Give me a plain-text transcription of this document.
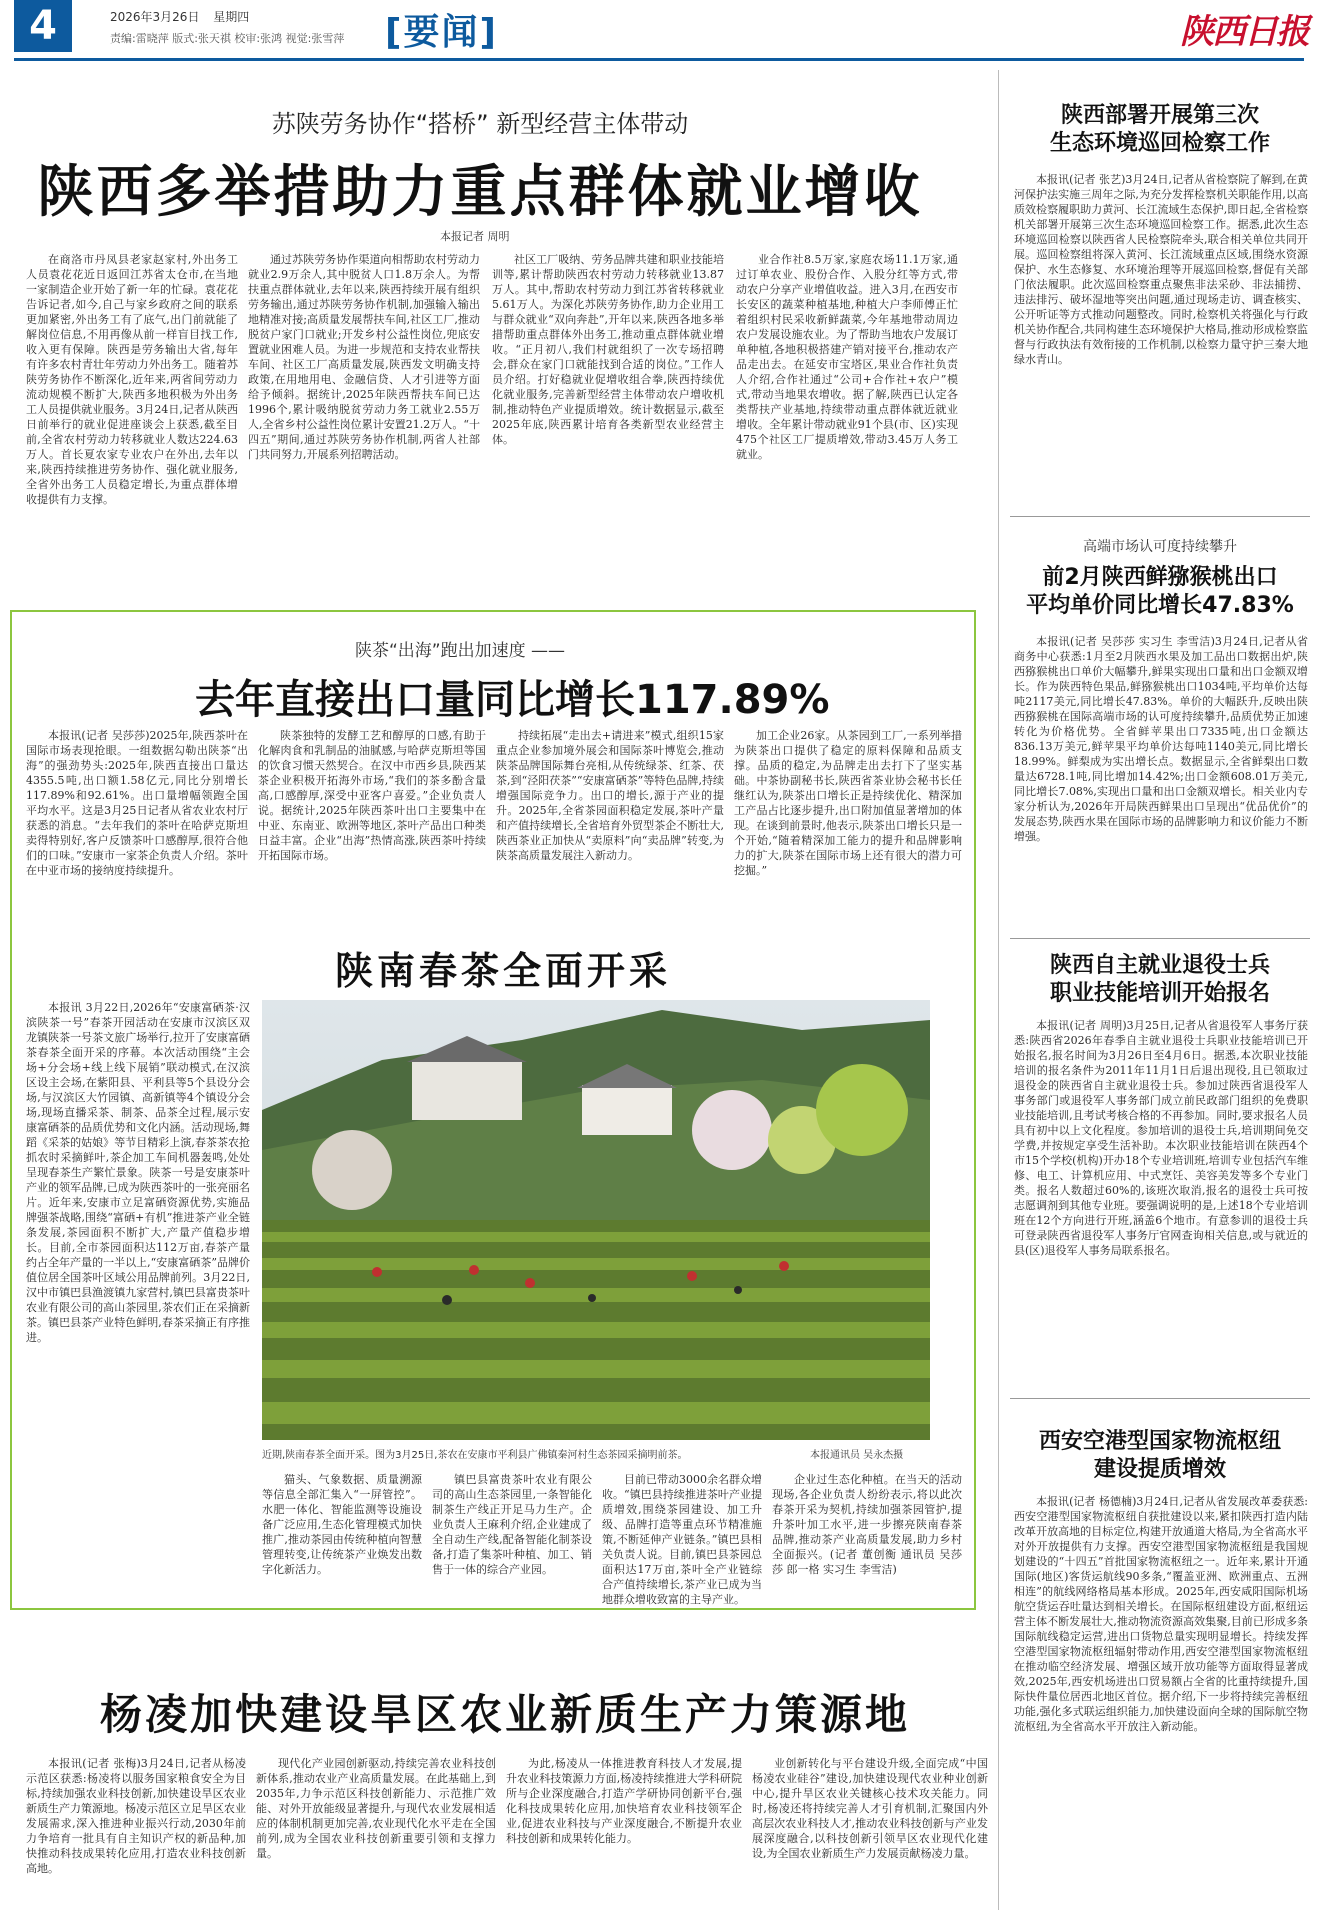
4	2026年3月26日 星期四
责编:雷晓萍 版式:张天祺 校审:张鸿 视觉:张雪萍 [要闻]	陕西日报
苏陕劳务协作“搭桥” 新型经营主体带动
陕西多举措助力重点群体就业增收
本报记者 周明

在商洛市丹凤县老家赵家村,外出务工人员袁花花近日返回江苏省太仓市,在当地一家制造企业开始了新一年的忙碌。袁花花告诉记者,如今,自己与家乡政府之间的联系更加紧密,外出务工有了底气,出门前就能了解岗位信息,不用再像从前一样盲目找工作,收入更有保障。陕西是劳务输出大省,每年有许多农村青壮年劳动力外出务工。随着苏陕劳务协作不断深化,近年来,两省间劳动力流动规模不断扩大,陕西多地积极为外出务工人员提供就业服务。3月24日,记者从陕西日前举行的就业促进座谈会上获悉,截至目前,全省农村劳动力转移就业人数达224.63万人。首长夏农家专业农户在外出,去年以来,陕西持续推进劳务协作、强化就业服务,全省外出务工人员稳定增长,为重点群体增收提供有力支撑。

通过苏陕劳务协作渠道向相帮助农村劳动力就业2.9万余人,其中脱贫人口1.8万余人。为帮扶重点群体就业,去年以来,陕西持续开展有组织劳务输出,通过苏陕劳务协作机制,加强输入输出地精准对接;高质量发展帮扶车间,社区工厂,推动脱贫户家门口就业;开发乡村公益性岗位,兜底安置就业困难人员。为进一步规范和支持农业帮扶车间、社区工厂高质量发展,陕西发文明确支持政策,在用地用电、金融信贷、人才引进等方面给予倾斜。据统计,2025年陕西帮扶车间已达1996个,累计吸纳脱贫劳动力务工就业2.55万人,全省乡村公益性岗位累计安置21.2万人。“十四五”期间,通过苏陕劳务协作机制,两省人社部门共同努力,开展系列招聘活动。

社区工厂吸纳、劳务品牌共建和职业技能培训等,累计帮助陕西农村劳动力转移就业13.87万人。其中,帮助农村劳动力到江苏省转移就业5.61万人。为深化苏陕劳务协作,助力企业用工与群众就业“双向奔赴”,开年以来,陕西各地多举措帮助重点群体外出务工,推动重点群体就业增收。“正月初八,我们村就组织了一次专场招聘会,群众在家门口就能找到合适的岗位。”工作人员介绍。打好稳就业促增收组合拳,陕西持续优化就业服务,完善新型经营主体带动农户增收机制,推动特色产业提质增效。统计数据显示,截至2025年底,陕西累计培育各类新型农业经营主体。

业合作社8.5万家,家庭农场11.1万家,通过订单农业、股份合作、入股分红等方式,带动农户分享产业增值收益。进入3月,在西安市长安区的蔬菜种植基地,种植大户李师傅正忙着组织村民采收新鲜蔬菜,今年基地带动周边农户发展设施农业。为了帮助当地农户发展订单种植,各地积极搭建产销对接平台,推动农产品走出去。在延安市宝塔区,果业合作社负责人介绍,合作社通过“公司+合作社+农户”模式,带动当地果农增收。据了解,陕西已认定各类帮扶产业基地,持续带动重点群体就近就业增收。全年累计带动就业91个县(市、区)实现475个社区工厂提质增效,带动3.45万人务工就业。

陕西部署开展第三次
生态环境巡回检察工作

本报讯(记者 张艺)3月24日,记者从省检察院了解到,在黄河保护法实施三周年之际,为充分发挥检察机关职能作用,以高质效检察履职助力黄河、长江流域生态保护,即日起,全省检察机关部署开展第三次生态环境巡回检察工作。据悉,此次生态环境巡回检察以陕西省人民检察院牵头,联合相关单位共同开展。巡回检察组将深入黄河、长江流域重点区域,围绕水资源保护、水生态修复、水环境治理等开展巡回检察,督促有关部门依法履职。此次巡回检察重点聚焦非法采砂、非法捕捞、违法排污、破坏湿地等突出问题,通过现场走访、调查核实、公开听证等方式推动问题整改。同时,检察机关将强化与行政机关协作配合,共同构建生态环境保护大格局,推动形成检察监督与行政执法有效衔接的工作机制,以检察力量守护三秦大地绿水青山。

高端市场认可度持续攀升
前2月陕西鲜猕猴桃出口
平均单价同比增长47.83%

本报讯(记者 吴莎莎 实习生 李雪洁)3月24日,记者从省商务中心获悉:1月至2月陕西水果及加工品出口数据出炉,陕西猕猴桃出口单价大幅攀升,鲜果实现出口量和出口金额双增长。作为陕西特色果品,鲜猕猴桃出口1034吨,平均单价达每吨2117美元,同比增长47.83%。单价的大幅跃升,反映出陕西猕猴桃在国际高端市场的认可度持续攀升,品质优势正加速转化为价格优势。全省鲜苹果出口7335吨,出口金额达836.13万美元,鲜苹果平均单价达每吨1140美元,同比增长18.99%。鲜梨成为实出增长点。数据显示,全省鲜梨出口数量达6728.1吨,同比增加14.42%;出口金额608.01万美元,同比增长7.08%,实现出口量和出口金额双增长。相关业内专家分析认为,2026年开局陕西鲜果出口呈现出“优品优价”的发展态势,陕西水果在国际市场的品牌影响力和议价能力不断增强。

陕西自主就业退役士兵
职业技能培训开始报名

本报讯(记者 周明)3月25日,记者从省退役军人事务厅获悉:陕西省2026年春季自主就业退役士兵职业技能培训已开始报名,报名时间为3月26日至4月6日。据悉,本次职业技能培训的报名条件为2011年11月1日后退出现役,且已领取过退役金的陕西省自主就业退役士兵。参加过陕西省退役军人事务部门或退役军人事务部门成立前民政部门组织的免费职业技能培训,且考试考核合格的不再参加。同时,要求报名人员具有初中以上文化程度。参加培训的退役士兵,培训期间免交学费,并按规定享受生活补助。本次职业技能培训在陕西4个市15个学校(机构)开办18个专业培训班,培训专业包括汽车维修、电工、计算机应用、中式烹饪、美容美发等多个专业门类。报名人数超过60%的,该班次取消,报名的退役士兵可按志愿调剂到其他专业班。要强调说明的是,上述18个专业培训班在12个方向进行开班,涵盖6个地市。有意参训的退役士兵可登录陕西省退役军人事务厅官网查询相关信息,或与就近的县(区)退役军人事务局联系报名。

西安空港型国家物流枢纽
建设提质增效

本报讯(记者 杨德楠)3月24日,记者从省发展改革委获悉:西安空港型国家物流枢纽自获批建设以来,紧扣陕西打造内陆改革开放高地的目标定位,构建开放通道大格局,为全省高水平对外开放提供有力支撑。西安空港型国家物流枢纽是我国规划建设的“十四五”首批国家物流枢纽之一。近年来,累计开通国际(地区)客货运航线90多条,“覆盖亚洲、欧洲重点、五洲相连”的航线网络格局基本形成。2025年,西安咸阳国际机场航空货运吞吐量达到相关增长。在国际枢纽建设方面,枢纽运营主体不断发展壮大,推动物流资源高效集聚,目前已形成多条国际航线稳定运营,进出口货物总量实现明显增长。持续发挥空港型国家物流枢纽辐射带动作用,西安空港型国家物流枢纽在推动临空经济发展、增强区域开放功能等方面取得显著成效,2025年,西安机场进出口贸易额占全省的比重持续提升,国际快件量位居西北地区首位。据介绍,下一步将持续完善枢纽功能,强化多式联运组织能力,加快建设面向全球的国际航空物流枢纽,为全省高水平开放注入新动能。

陕茶“出海”跑出加速度 ——
去年直接出口量同比增长117.89%

本报讯(记者 吴莎莎)2025年,陕西茶叶在国际市场表现抢眼。一组数据勾勒出陕茶“出海”的强劲势头:2025年,陕西直接出口量达4355.5吨,出口额1.58亿元,同比分别增长117.89%和92.61%。出口量增幅领跑全国平均水平。这是3月25日记者从省农业农村厅获悉的消息。“去年我们的茶叶在哈萨克斯坦卖得特别好,客户反馈茶叶口感醇厚,很符合他们的口味。”安康市一家茶企负责人介绍。茶叶在中亚市场的接纳度持续提升。

陕茶独特的发酵工艺和醇厚的口感,有助于化解肉食和乳制品的油腻感,与哈萨克斯坦等国的饮食习惯天然契合。在汉中市西乡县,陕西某茶企业积极开拓海外市场,“我们的茶多酚含量高,口感醇厚,深受中亚客户喜爱。”企业负责人说。据统计,2025年陕西茶叶出口主要集中在中亚、东南亚、欧洲等地区,茶叶产品出口种类日益丰富。企业“出海”热情高涨,陕西茶叶持续开拓国际市场。

持续拓展“走出去+请进来”模式,组织15家重点企业参加境外展会和国际茶叶博览会,推动陕茶品牌国际舞台亮相,从传统绿茶、红茶、茯茶,到“泾阳茯茶”“安康富硒茶”等特色品牌,持续增强国际竞争力。出口的增长,源于产业的提升。2025年,全省茶园面积稳定发展,茶叶产量和产值持续增长,全省培育外贸型茶企不断壮大,陕西茶业正加快从“卖原料”向“卖品牌”转变,为陕茶高质量发展注入新动力。

加工企业26家。从茶园到工厂,一系列举措为陕茶出口提供了稳定的原料保障和品质支撑。品质的稳定,为品牌走出去打下了坚实基础。中茶协副秘书长,陕西省茶业协会秘书长任继红认为,陕茶出口增长正是持续优化、精深加工产品占比逐步提升,出口附加值显著增加的体现。在谈到前景时,他表示,陕茶出口增长只是一个开始,“随着精深加工能力的提升和品牌影响力的扩大,陕茶在国际市场上还有很大的潜力可挖掘。”

陕南春茶全面开采

本报讯 3月22日,2026年“安康富硒茶·汉滨陕茶一号”春茶开园活动在安康市汉滨区双龙镇陕茶一号茶文旅广场举行,拉开了安康富硒茶春茶全面开采的序幕。本次活动围绕“主会场+分会场+线上线下展销”联动模式,在汉滨区设主会场,在紫阳县、平利县等5个县设分会场,与汉滨区大竹园镇、高新镇等4个镇设分会场,现场直播采茶、制茶、品茶全过程,展示安康富硒茶的品质优势和文化内涵。活动现场,舞蹈《采茶的姑娘》等节目精彩上演,春茶茶农抢抓农时采摘鲜叶,茶企加工车间机器轰鸣,处处呈现春茶生产繁忙景象。陕茶一号是安康茶叶产业的领军品牌,已成为陕西茶叶的一张亮丽名片。近年来,安康市立足富硒资源优势,实施品牌强茶战略,围绕“富硒+有机”推进茶产业全链条发展,茶园面积不断扩大,产量产值稳步增长。目前,全市茶园面积达112万亩,春茶产量约占全年产量的一半以上,“安康富硒茶”品牌价值位居全国茶叶区域公用品牌前列。3月22日,汉中市镇巴县渔渡镇九家营村,镇巴县富贵茶叶农业有限公司的高山茶园里,茶农们正在采摘新茶。镇巴县茶产业特色鲜明,春茶采摘正有序推进。

近期,陕南春茶全面开采。图为3月25日,茶农在安康市平利县广佛镇秦河村生态茶园采摘明前茶。	本报通讯员 吴永杰摄

猫头、气象数据、质量溯源等信息全部汇集入“一屏管控”。水肥一体化、智能监测等设施设备广泛应用,生态化管理模式加快推广,推动茶园由传统种植向智慧管理转变,让传统茶产业焕发出数字化新活力。

镇巴县富贵茶叶农业有限公司的高山生态茶园里,一条智能化制茶生产线正开足马力生产。企业负责人王麻利介绍,企业建成了全自动生产线,配备智能化制茶设备,打造了集茶叶种植、加工、销售于一体的综合产业园。

目前已带动3000余名群众增收。“镇巴县持续推进茶叶产业提质增效,围绕茶园建设、加工升级、品牌打造等重点环节精准施策,不断延伸产业链条。”镇巴县相关负责人说。目前,镇巴县茶园总面积达17万亩,茶叶全产业链综合产值持续增长,茶产业已成为当地群众增收致富的主导产业。

企业过生态化种植。在当天的活动现场,各企业负责人纷纷表示,将以此次春茶开采为契机,持续加强茶园管护,提升茶叶加工水平,进一步擦亮陕南春茶品牌,推动茶产业高质量发展,助力乡村全面振兴。(记者 董创衡 通讯员 吴莎莎 郎一格 实习生 李雪洁)

杨凌加快建设旱区农业新质生产力策源地

本报讯(记者 张梅)3月24日,记者从杨凌示范区获悉:杨凌将以服务国家粮食安全为目标,持续加强农业科技创新,加快建设旱区农业新质生产力策源地。杨凌示范区立足旱区农业发展需求,深入推进种业振兴行动,2030年前力争培育一批具有自主知识产权的新品种,加快推动科技成果转化应用,打造农业科技创新高地。

现代化产业园创新驱动,持续完善农业科技创新体系,推动农业产业高质量发展。在此基础上,到2035年,力争示范区科技创新能力、示范推广效能、对外开放能级显著提升,与现代农业发展相适应的体制机制更加完善,农业现代化水平走在全国前列,成为全国农业科技创新重要引领和支撑力量。

为此,杨凌从一体推进教育科技人才发展,提升农业科技策源力方面,杨凌持续推进大学科研院所与企业深度融合,打造产学研协同创新平台,强化科技成果转化应用,加快培育农业科技领军企业,促进农业科技与产业深度融合,不断提升农业科技创新和成果转化能力。

业创新转化与平台建设升级,全面完成“中国杨凌农业硅谷”建设,加快建设现代农业种业创新中心,提升旱区农业关键核心技术攻关能力。同时,杨凌还将持续完善人才引育机制,汇聚国内外高层次农业科技人才,推动农业科技创新与产业发展深度融合,以科技创新引领旱区农业现代化建设,为全国农业新质生产力发展贡献杨凌力量。
